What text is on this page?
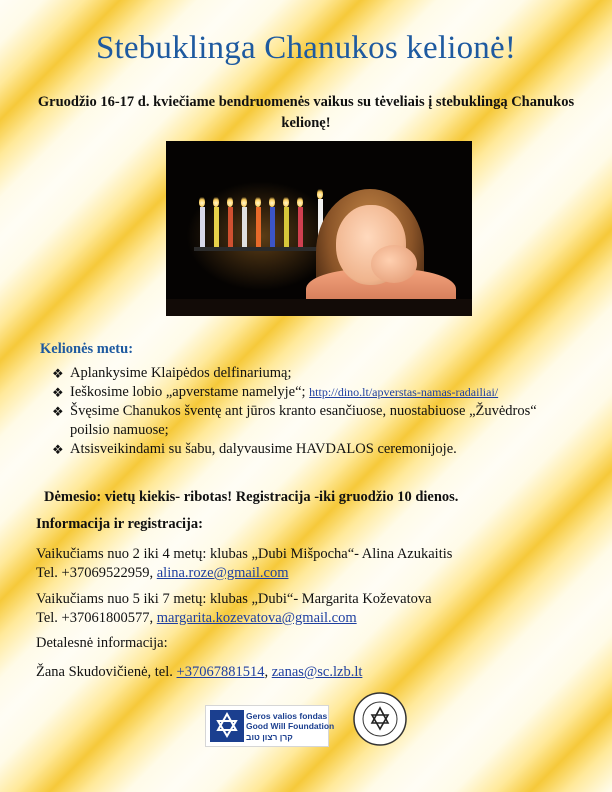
Stebuklinga Chanukos kelionė!
Gruodžio 16-17 d. kviečiame bendruomenės vaikus su tėveliais į stebuklingą Chanukos kelionę!
Kelionės metu:
❖ Aplankysime Klaipėdos delfinariumą;
❖ Ieškosime lobio „apverstame namelyje“; http://dino.lt/apverstas-namas-radailiai/
❖ Švęsime Chanukos šventę ant jūros kranto esančiuose, nuostabiuose „Žuvėdros“ poilsio namuose;
❖ Atsisveikindami su šabu, dalyvausime HAVDALOS ceremonijoje.
Dėmesio: vietų kiekis- ribotas! Registracija -iki gruodžio 10 dienos.
Informacija ir registracija:
Vaikučiams nuo 2 iki 4 metų: klubas „Dubi Mišpocha“- Alina Azukaitis
Tel. +37069522959, alina.roze@gmail.com
Vaikučiams nuo 5 iki 7 metų: klubas „Dubi“- Margarita Koževatova
Tel. +37061800577, margarita.kozevatova@gmail.com
Detalesnė informacija:
Žana Skudovičienė, tel. +37067881514, zanas@sc.lzb.lt
Geros valios fondas
Good Will Foundation
קרן רצון טוב
